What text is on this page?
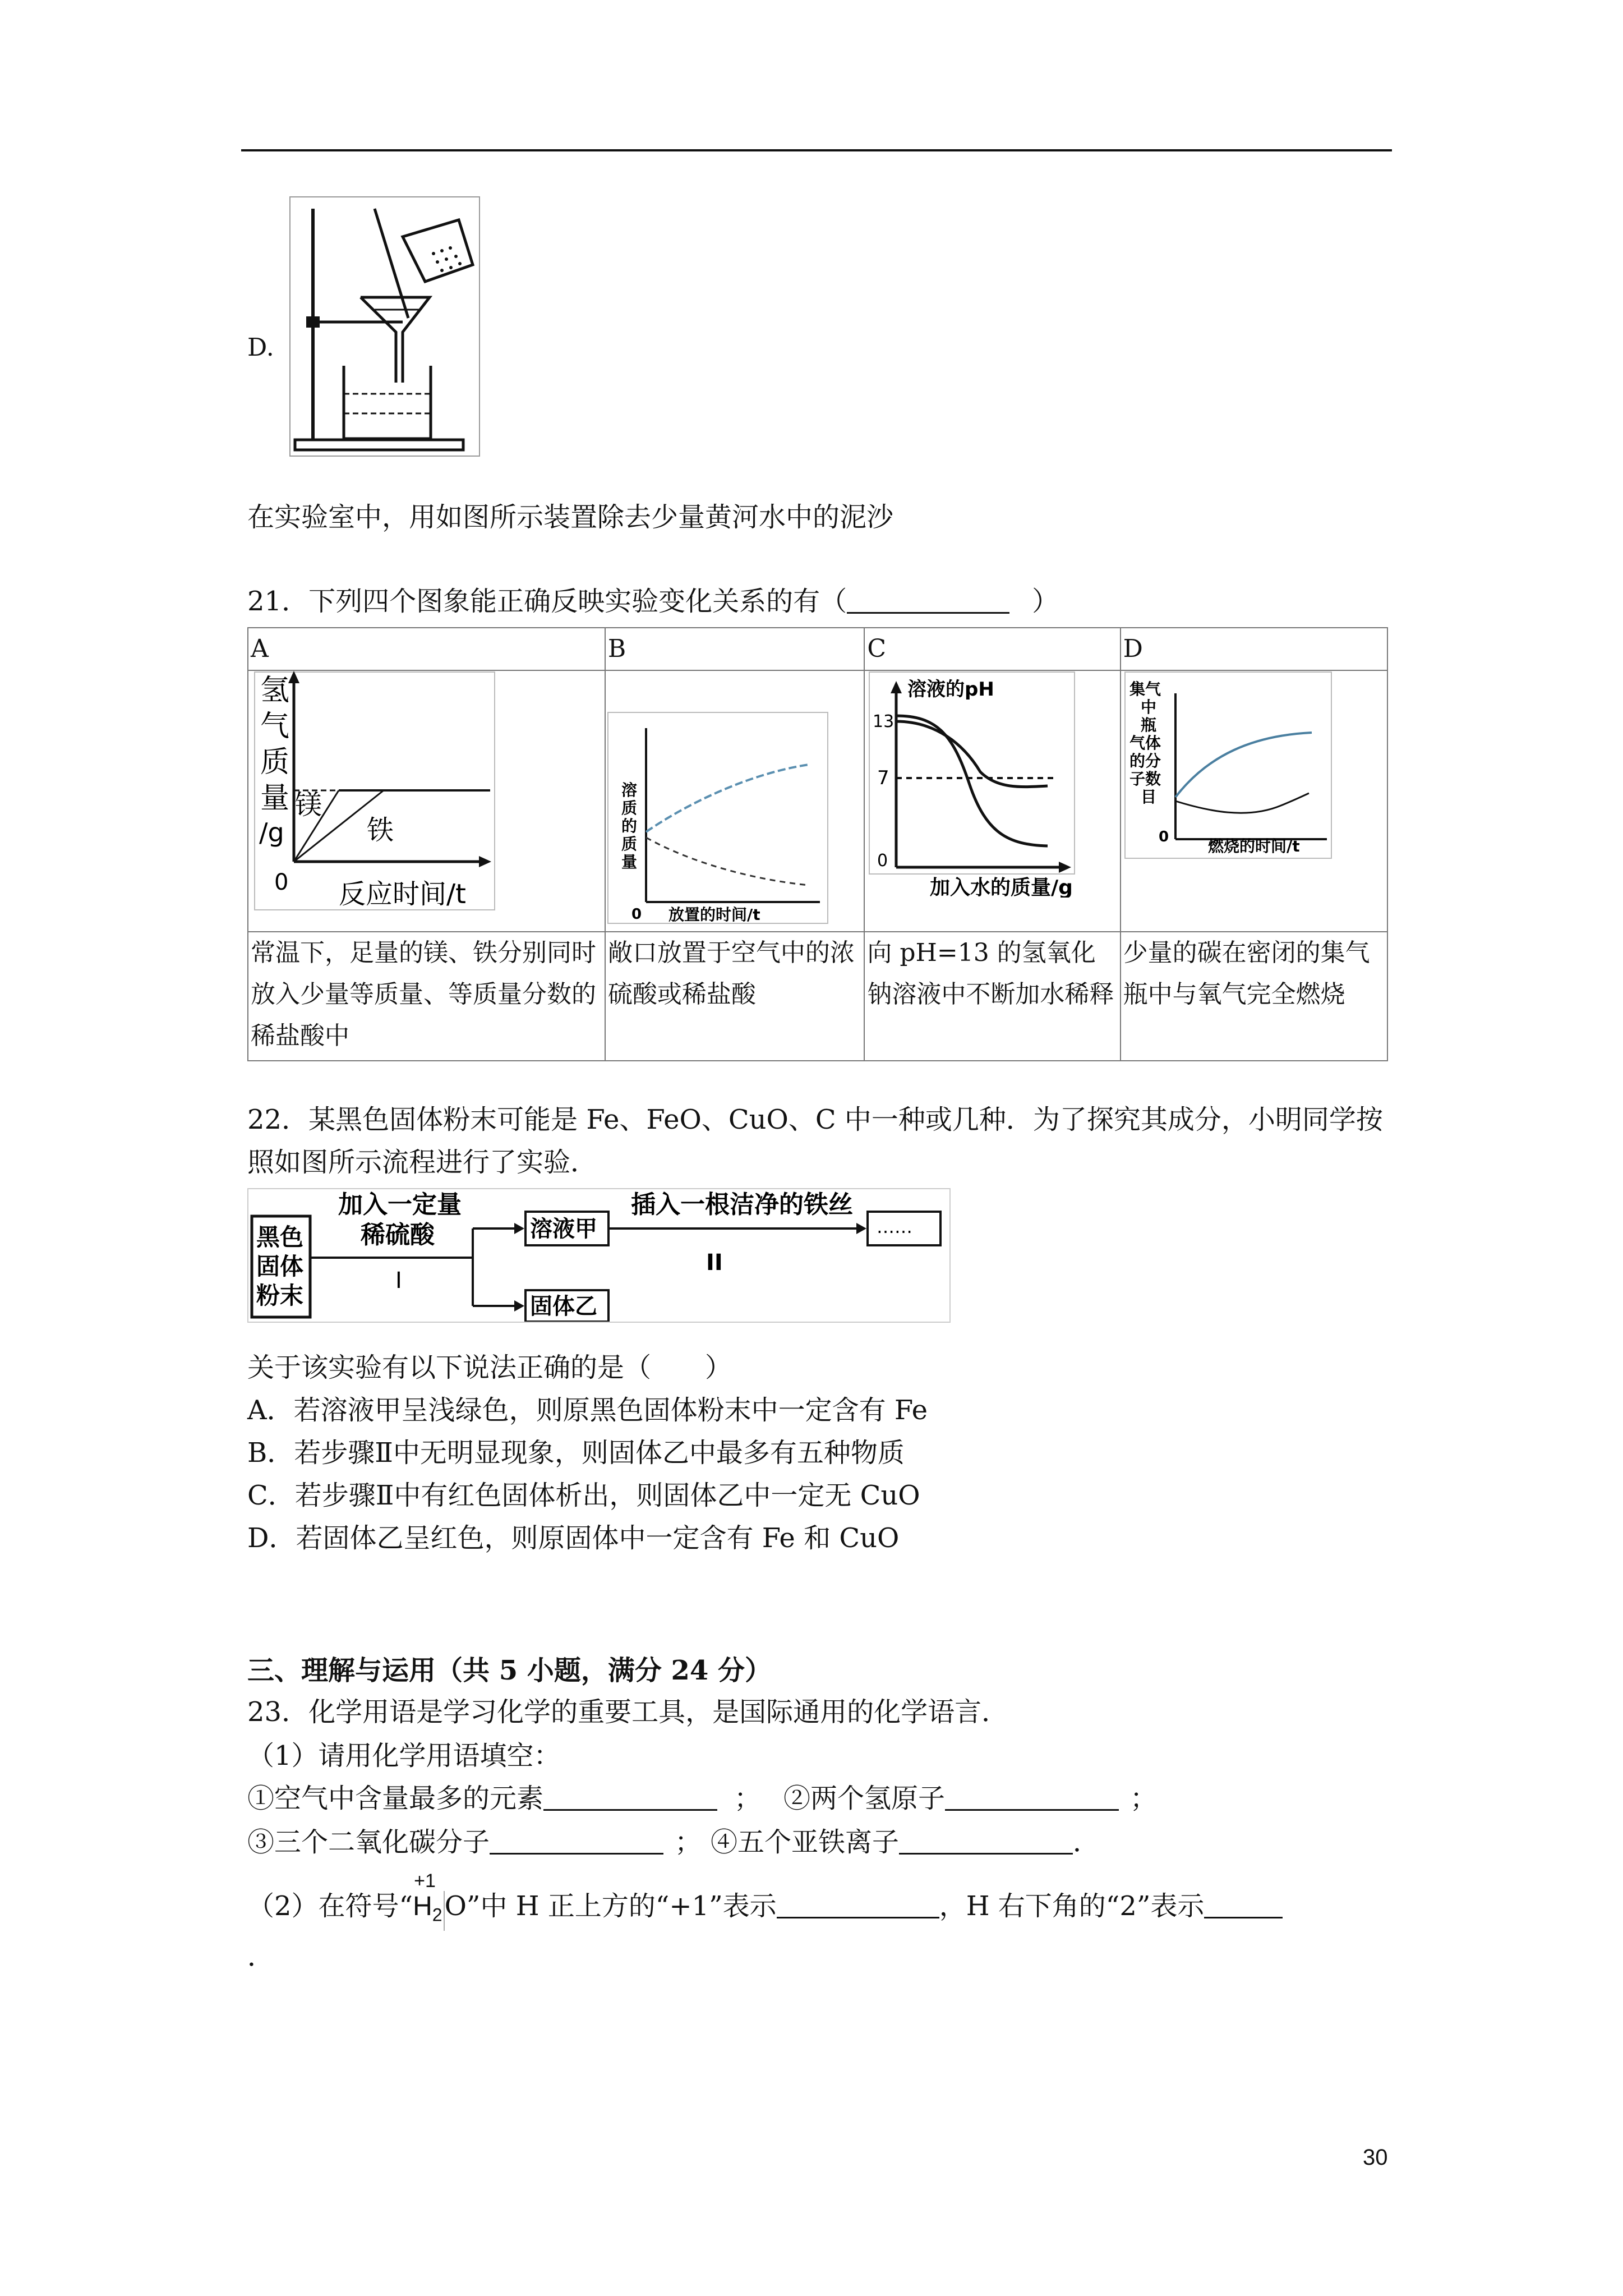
D.
在实验室中，用如图所示装置除去少量黄河水中的泥沙
21．下列四个图象能正确反映实验变化关系的有（	）
A	B	C	D

常温下，足量的镁、铁分别同时放入少量等质量、等质量分数的稀盐酸中	敞口放置于空气中的浓硫酸或稀盐酸	向 pH=13 的氢氧化钠溶液中不断加水稀释	少量的碳在密闭的集气瓶中与氧气完全燃烧
氢
气
质
量
/g
镁
铁
0 反应时间/t
溶
质
的
质
量
0 放置的时间/t
溶液的pH
13
7
0
加入水的质量/g
集气
中
瓶
气体
的分
子数
目
0 燃烧的时间/t
22．某黑色固体粉末可能是 Fe、FeO、CuO、C 中一种或几种．为了探究其成分，小明同学按
照如图所示流程进行了实验．
黑色
固体
粉末
加入一定量
稀硫酸
I
溶液甲
固体乙
插入一根洁净的铁丝
II
……
关于该实验有以下说法正确的是（　　）
A．若溶液甲呈浅绿色，则原黑色固体粉末中一定含有 Fe
B．若步骤Ⅱ中无明显现象，则固体乙中最多有五种物质
C．若步骤Ⅱ中有红色固体析出，则固体乙中一定无 CuO
D．若固体乙呈红色，则原固体中一定含有 Fe 和 CuO
三、理解与运用（共 5 小题，满分 24 分）
23．化学用语是学习化学的重要工具，是国际通用的化学语言．
（1）请用化学用语填空：
①空气中含量最多的元素	； ②两个氢原子	；
③三个二氧化碳分子	； ④五个亚铁离子	．
（2）在符号“
+1
$H_2O$”中 H 正上方的“+1”表示	，H 右下角的“2”表示
．
30
